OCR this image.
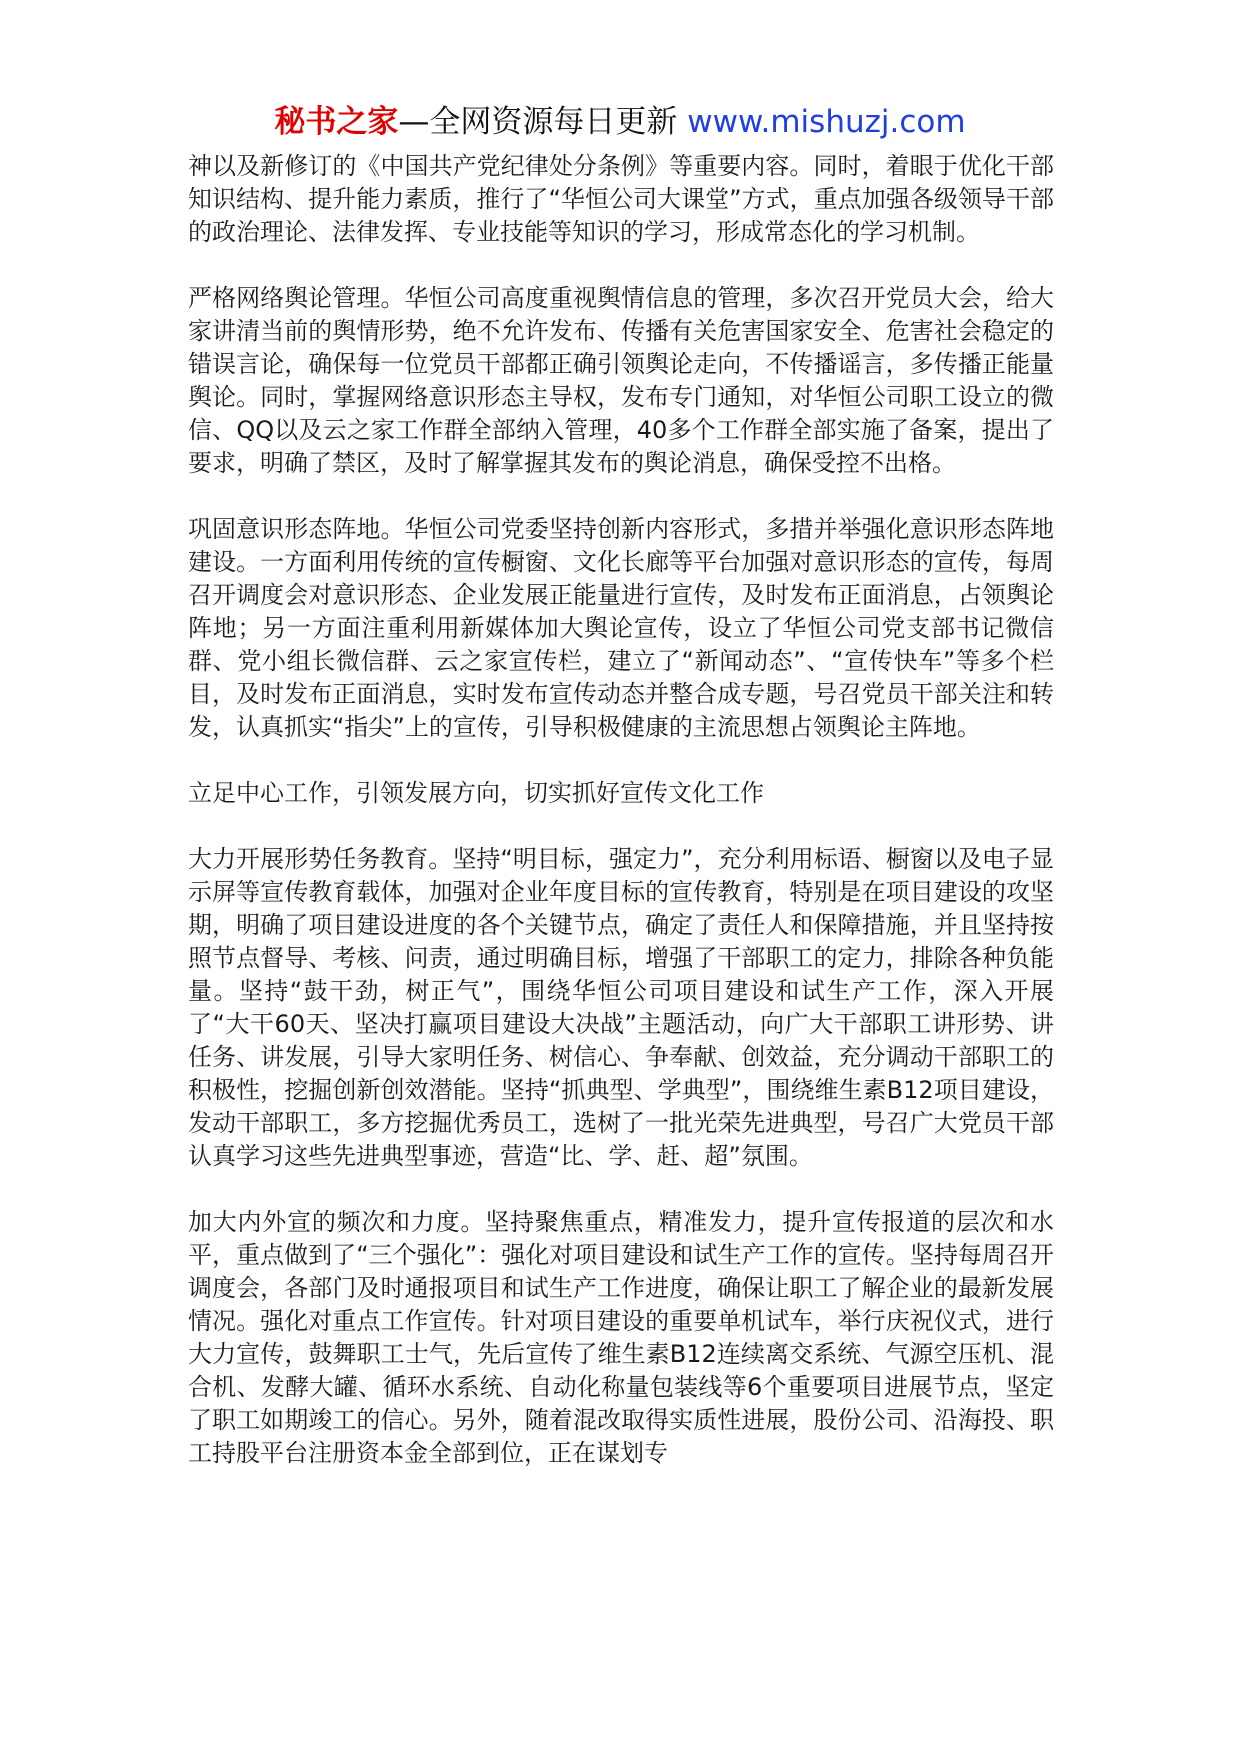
秘书之家—全网资源每日更新 www.mishuzj.com

神以及新修订的《中国共产党纪律处分条例》等重要内容。同时，着眼于优化干部知识结构、提升能力素质，推行了“华恒公司大课堂”方式，重点加强各级领导干部的政治理论、法律发挥、专业技能等知识的学习，形成常态化的学习机制。

严格网络舆论管理。华恒公司高度重视舆情信息的管理，多次召开党员大会，给大家讲清当前的舆情形势，绝不允许发布、传播有关危害国家安全、危害社会稳定的错误言论，确保每一位党员干部都正确引领舆论走向，不传播谣言，多传播正能量舆论。同时，掌握网络意识形态主导权，发布专门通知，对华恒公司职工设立的微信、QQ以及云之家工作群全部纳入管理，40多个工作群全部实施了备案，提出了要求，明确了禁区，及时了解掌握其发布的舆论消息，确保受控不出格。

巩固意识形态阵地。华恒公司党委坚持创新内容形式，多措并举强化意识形态阵地建设。一方面利用传统的宣传橱窗、文化长廊等平台加强对意识形态的宣传，每周召开调度会对意识形态、企业发展正能量进行宣传，及时发布正面消息，占领舆论阵地；另一方面注重利用新媒体加大舆论宣传，设立了华恒公司党支部书记微信群、党小组长微信群、云之家宣传栏，建立了“新闻动态”、“宣传快车”等多个栏目，及时发布正面消息，实时发布宣传动态并整合成专题，号召党员干部关注和转发，认真抓实“指尖”上的宣传，引导积极健康的主流思想占领舆论主阵地。

立足中心工作，引领发展方向，切实抓好宣传文化工作

大力开展形势任务教育。坚持“明目标，强定力”，充分利用标语、橱窗以及电子显示屏等宣传教育载体，加强对企业年度目标的宣传教育，特别是在项目建设的攻坚期，明确了项目建设进度的各个关键节点，确定了责任人和保障措施，并且坚持按照节点督导、考核、问责，通过明确目标，增强了干部职工的定力，排除各种负能量。坚持“鼓干劲，树正气”，围绕华恒公司项目建设和试生产工作，深入开展了“大干60天、坚决打赢项目建设大决战”主题活动，向广大干部职工讲形势、讲任务、讲发展，引导大家明任务、树信心、争奉献、创效益，充分调动干部职工的积极性，挖掘创新创效潜能。坚持“抓典型、学典型”，围绕维生素B12项目建设，发动干部职工，多方挖掘优秀员工，选树了一批光荣先进典型，号召广大党员干部认真学习这些先进典型事迹，营造“比、学、赶、超”氛围。

加大内外宣的频次和力度。坚持聚焦重点，精准发力，提升宣传报道的层次和水平，重点做到了“三个强化”：强化对项目建设和试生产工作的宣传。坚持每周召开调度会，各部门及时通报项目和试生产工作进度，确保让职工了解企业的最新发展情况。强化对重点工作宣传。针对项目建设的重要单机试车，举行庆祝仪式，进行大力宣传，鼓舞职工士气，先后宣传了维生素B12连续离交系统、气源空压机、混合机、发酵大罐、循环水系统、自动化称量包装线等6个重要项目进展节点，坚定了职工如期竣工的信心。另外，随着混改取得实质性进展，股份公司、沿海投、职工持股平台注册资本金全部到位，正在谋划专
